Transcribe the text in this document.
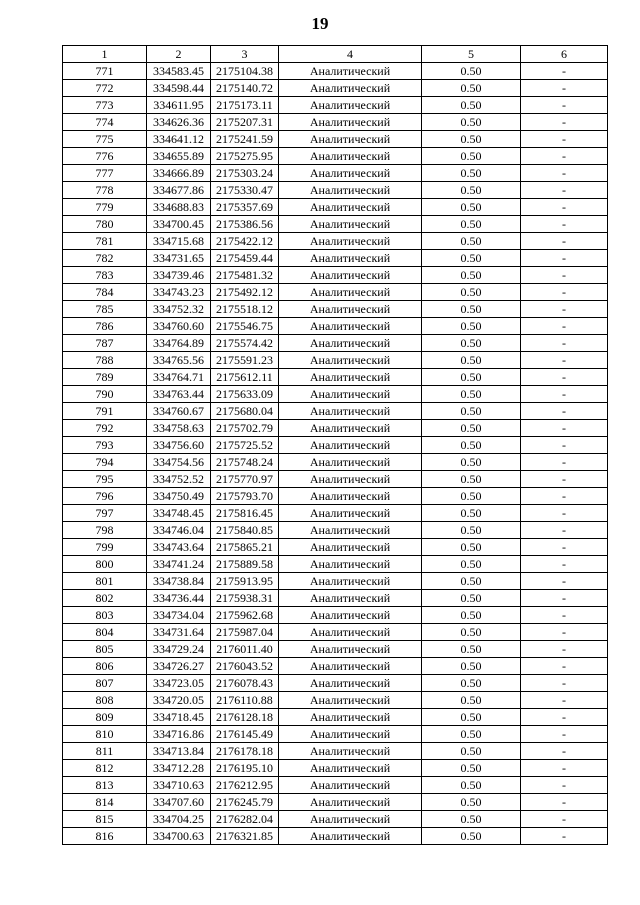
19
1	2	3	4	5	6
771	334583.45	2175104.38	Аналитический	0.50	-
772	334598.44	2175140.72	Аналитический	0.50	-
773	334611.95	2175173.11	Аналитический	0.50	-
774	334626.36	2175207.31	Аналитический	0.50	-
775	334641.12	2175241.59	Аналитический	0.50	-
776	334655.89	2175275.95	Аналитический	0.50	-
777	334666.89	2175303.24	Аналитический	0.50	-
778	334677.86	2175330.47	Аналитический	0.50	-
779	334688.83	2175357.69	Аналитический	0.50	-
780	334700.45	2175386.56	Аналитический	0.50	-
781	334715.68	2175422.12	Аналитический	0.50	-
782	334731.65	2175459.44	Аналитический	0.50	-
783	334739.46	2175481.32	Аналитический	0.50	-
784	334743.23	2175492.12	Аналитический	0.50	-
785	334752.32	2175518.12	Аналитический	0.50	-
786	334760.60	2175546.75	Аналитический	0.50	-
787	334764.89	2175574.42	Аналитический	0.50	-
788	334765.56	2175591.23	Аналитический	0.50	-
789	334764.71	2175612.11	Аналитический	0.50	-
790	334763.44	2175633.09	Аналитический	0.50	-
791	334760.67	2175680.04	Аналитический	0.50	-
792	334758.63	2175702.79	Аналитический	0.50	-
793	334756.60	2175725.52	Аналитический	0.50	-
794	334754.56	2175748.24	Аналитический	0.50	-
795	334752.52	2175770.97	Аналитический	0.50	-
796	334750.49	2175793.70	Аналитический	0.50	-
797	334748.45	2175816.45	Аналитический	0.50	-
798	334746.04	2175840.85	Аналитический	0.50	-
799	334743.64	2175865.21	Аналитический	0.50	-
800	334741.24	2175889.58	Аналитический	0.50	-
801	334738.84	2175913.95	Аналитический	0.50	-
802	334736.44	2175938.31	Аналитический	0.50	-
803	334734.04	2175962.68	Аналитический	0.50	-
804	334731.64	2175987.04	Аналитический	0.50	-
805	334729.24	2176011.40	Аналитический	0.50	-
806	334726.27	2176043.52	Аналитический	0.50	-
807	334723.05	2176078.43	Аналитический	0.50	-
808	334720.05	2176110.88	Аналитический	0.50	-
809	334718.45	2176128.18	Аналитический	0.50	-
810	334716.86	2176145.49	Аналитический	0.50	-
811	334713.84	2176178.18	Аналитический	0.50	-
812	334712.28	2176195.10	Аналитический	0.50	-
813	334710.63	2176212.95	Аналитический	0.50	-
814	334707.60	2176245.79	Аналитический	0.50	-
815	334704.25	2176282.04	Аналитический	0.50	-
816	334700.63	2176321.85	Аналитический	0.50	-
